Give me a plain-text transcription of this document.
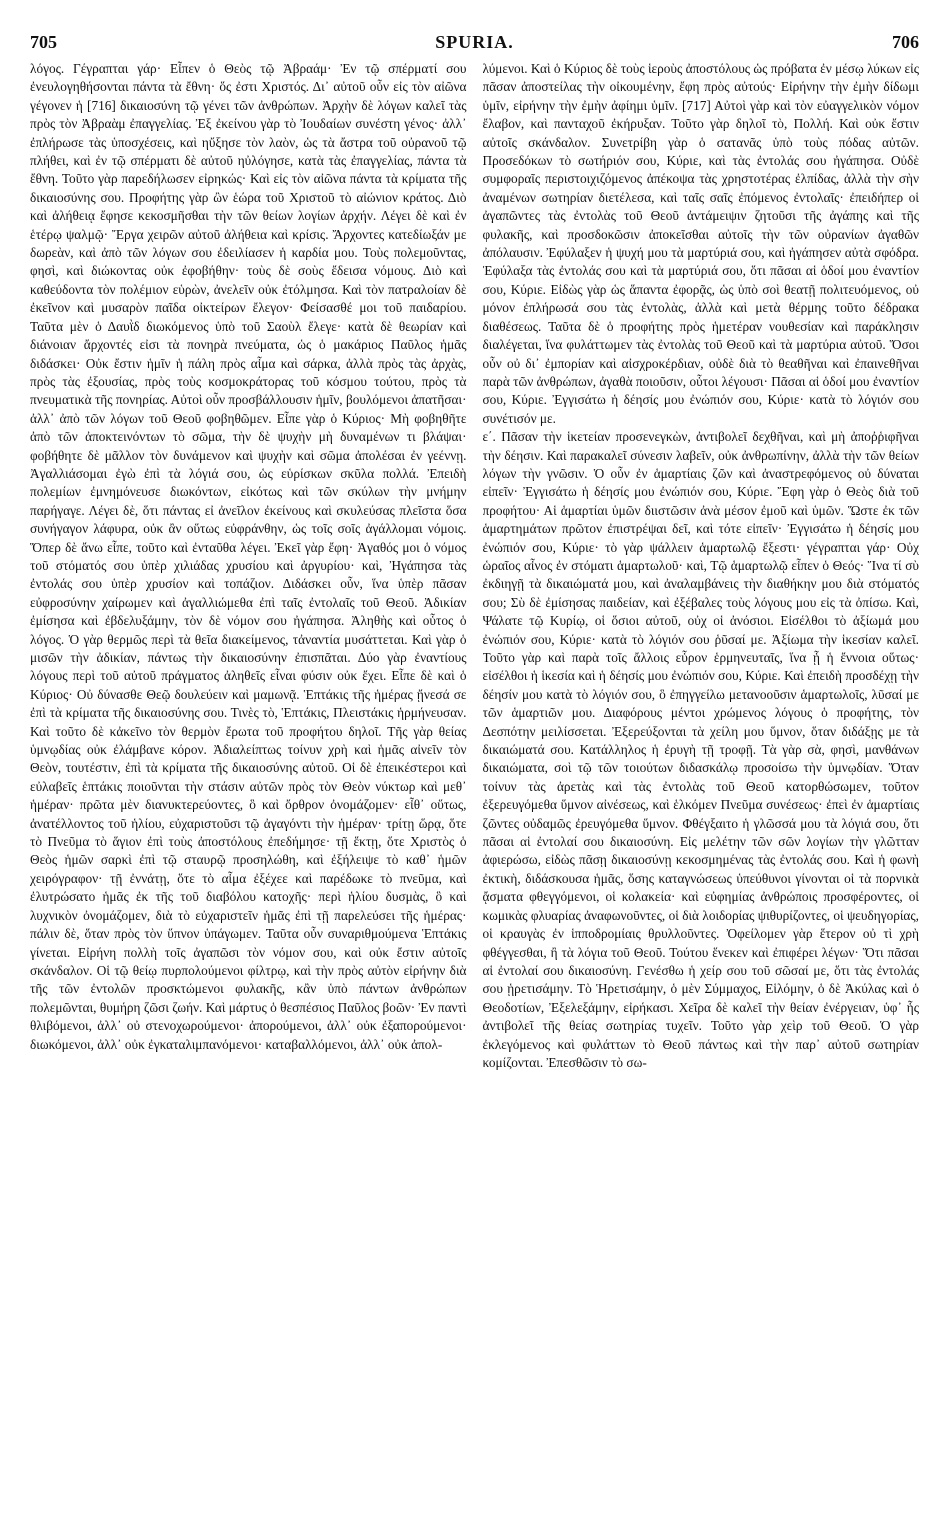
705	SPURIA.	706

λόγος. Γέγραπται γάρ· Εἶπεν ὁ Θεὸς τῷ Ἀβραάμ· Ἐν τῷ σπέρματί σου ἐνευλογηθήσονται πάντα τὰ ἔθνη· ὅς ἐστι Χριστός. Δι᾽ αὐτοῦ οὖν εἰς τὸν αἰῶνα γέγονεν ἡ [716] δικαιοσύνη τῷ γένει τῶν ἀνθρώπων. Ἀρχὴν δὲ λόγων καλεῖ τὰς πρὸς τὸν Ἀβραὰμ ἐπαγγελίας. Ἐξ ἐκείνου γὰρ τὸ Ἰουδαίων συνέστη γένος· ἀλλ᾽ ἐπλήρωσε τὰς ὑποσχέσεις, καὶ ηὔξησε τὸν λαὸν, ὡς τὰ ἄστρα τοῦ οὐρανοῦ τῷ πλήθει, καὶ ἐν τῷ σπέρματι δὲ αὐτοῦ ηὐλόγησε, κατὰ τὰς ἐπαγγελίας, πάντα τὰ ἔθνη. Τοῦτο γὰρ παρεδήλωσεν εἰρηκώς· Καὶ εἰς τὸν αἰῶνα πάντα τὰ κρίματα τῆς δικαιοσύνης σου. Προφήτης γὰρ ὢν ἑώρα τοῦ Χριστοῦ τὸ αἰώνιον κράτος. Διὸ καὶ ἀλήθειᾳ ἔφησε κεκοσμῆσθαι τὴν τῶν θείων λογίων ἀρχήν. Λέγει δὲ καὶ ἐν ἑτέρῳ ψαλμῷ· Ἔργα χειρῶν αὐτοῦ ἀλήθεια καὶ κρίσις. Ἄρχοντες κατεδίωξάν με δωρεὰν, καὶ ἀπὸ τῶν λόγων σου ἐδειλίασεν ἡ καρδία μου. Τοὺς πολεμοῦντας, φησὶ, καὶ διώκοντας οὐκ ἐφοβήθην· τοὺς δὲ σοὺς ἔδεισα νόμους. Διὸ καὶ καθεύδοντα τὸν πολέμιον εὑρὼν, ἀνελεῖν οὐκ ἐτόλμησα. Καὶ τὸν πατραλοίαν δὲ ἐκεῖνον καὶ μυσαρὸν παῖδα οἰκτείρων ἔλεγον· Φείσασθέ μοι τοῦ παιδαρίου. Ταῦτα μὲν ὁ Δαυῒδ διωκόμενος ὑπὸ τοῦ Σαοὺλ ἔλεγε· κατὰ δὲ θεωρίαν καὶ διάνοιαν ἄρχοντές εἰσι τὰ πονηρὰ πνεύματα, ὡς ὁ μακάριος Παῦλος ἡμᾶς διδάσκει· Οὐκ ἔστιν ἡμῖν ἡ πάλη πρὸς αἷμα καὶ σάρκα, ἀλλὰ πρὸς τὰς ἀρχὰς, πρὸς τὰς ἐξουσίας, πρὸς τοὺς κοσμοκράτορας τοῦ κόσμου τούτου, πρὸς τὰ πνευματικὰ τῆς πονηρίας. Αὐτοὶ οὖν προσβάλλουσιν ἡμῖν, βουλόμενοι ἀπατῆσαι· ἀλλ᾽ ἀπὸ τῶν λόγων τοῦ Θεοῦ φοβηθῶμεν. Εἶπε γὰρ ὁ Κύριος· Μὴ φοβηθῆτε ἀπὸ τῶν ἀποκτεινόντων τὸ σῶμα, τὴν δὲ ψυχὴν μὴ δυναμένων τι βλάψαι· φοβήθητε δὲ μᾶλλον τὸν δυνάμενον καὶ ψυχὴν καὶ σῶμα ἀπολέσαι ἐν γεέννῃ. Ἀγαλλιάσομαι ἐγὼ ἐπὶ τὰ λόγιά σου, ὡς εὑρίσκων σκῦλα πολλά. Ἐπειδὴ πολεμίων ἐμνημόνευσε διωκόντων, εἰκότως καὶ τῶν σκύλων τὴν μνήμην παρήγαγε. Λέγει δὲ, ὅτι πάντας εἰ ἀνεῖλον ἐκείνους καὶ σκυλεύσας πλεῖστα ὅσα συνήγαγον λάφυρα, οὐκ ἂν οὕτως εὐφράνθην, ὡς τοῖς σοῖς ἀγάλλομαι νόμοις. Ὅπερ δὲ ἄνω εἶπε, τοῦτο καὶ ἐνταῦθα λέγει. Ἐκεῖ γὰρ ἔφη· Ἀγαθός μοι ὁ νόμος τοῦ στόματός σου ὑπὲρ χιλιάδας χρυσίου καὶ ἀργυρίου· καὶ, Ἠγάπησα τὰς ἐντολάς σου ὑπὲρ χρυσίον καὶ τοπάζιον. Διδάσκει οὖν, ἵνα ὑπὲρ πᾶσαν εὐφροσύνην χαίρωμεν καὶ ἀγαλλιώμεθα ἐπὶ ταῖς ἐντολαῖς τοῦ Θεοῦ. Ἀδικίαν ἐμίσησα καὶ ἐβδελυξάμην, τὸν δὲ νόμον σου ἠγάπησα. Ἀληθὴς καὶ οὗτος ὁ λόγος. Ὁ γὰρ θερμῶς περὶ τὰ θεῖα διακείμενος, τἀναντία μυσάττεται. Καὶ γὰρ ὁ μισῶν τὴν ἀδικίαν, πάντως τὴν δικαιοσύνην ἐπισπᾶται. Δύο γὰρ ἐναντίους λόγους περὶ τοῦ αὐτοῦ πράγματος ἀληθεῖς εἶναι φύσιν οὐκ ἔχει. Εἶπε δὲ καὶ ὁ Κύριος· Οὐ δύνασθε Θεῷ δουλεύειν καὶ μαμωνᾷ. Ἑπτάκις τῆς ἡμέρας ᾔνεσά σε ἐπὶ τὰ κρίματα τῆς δικαιοσύνης σου. Τινὲς τὸ, Ἑπτάκις, Πλειστάκις ἡρμήνευσαν. Καὶ τοῦτο δὲ κἀκεῖνο τὸν θερμὸν ἔρωτα τοῦ προφήτου δηλοῖ. Τῆς γὰρ θείας ὑμνῳδίας οὐκ ἐλάμβανε κόρον. Ἀδιαλείπτως τοίνυν χρὴ καὶ ἡμᾶς αἰνεῖν τὸν Θεὸν, τουτέστιν, ἐπὶ τὰ κρίματα τῆς δικαιοσύνης αὐτοῦ. Οἱ δὲ ἐπεικέστεροι καὶ εὐλαβεῖς ἑπτάκις ποιοῦνται τὴν στάσιν αὐτῶν πρὸς τὸν Θεὸν νύκτωρ καὶ μεθ᾽ ἡμέραν· πρῶτα μὲν διανυκτερεύοντες, ὃ καὶ ὄρθρον ὀνομάζομεν· εἶθ᾽ οὕτως, ἀνατέλλοντος τοῦ ἡλίου, εὐχαριστοῦσι τῷ ἀγαγόντι τὴν ἡμέραν· τρίτῃ ὥρᾳ, ὅτε τὸ Πνεῦμα τὸ ἅγιον ἐπὶ τοὺς ἀποστόλους ἐπεδήμησε· τῇ ἕκτῃ, ὅτε Χριστὸς ὁ Θεὸς ἡμῶν σαρκὶ ἐπὶ τῷ σταυρῷ προσηλώθη, καὶ ἐξήλειψε τὸ καθ᾽ ἡμῶν χειρόγραφον· τῇ ἐννάτῃ, ὅτε τὸ αἷμα ἐξέχεε καὶ παρέδωκε τὸ πνεῦμα, καὶ ἐλυτρώσατο ἡμᾶς ἐκ τῆς τοῦ διαβόλου κατοχῆς· περὶ ἡλίου δυσμὰς, ὃ καὶ λυχνικὸν ὀνομάζομεν, διὰ τὸ εὐχαριστεῖν ἡμᾶς ἐπὶ τῇ παρελεύσει τῆς ἡμέρας· πάλιν δὲ, ὅταν πρὸς τὸν ὕπνον ὑπάγωμεν. Ταῦτα οὖν συναριθμούμενα Ἑπτάκις γίνεται. Εἰρήνη πολλὴ τοῖς ἀγαπῶσι τὸν νόμον σου, καὶ οὐκ ἔστιν αὐτοῖς σκάνδαλον. Οἱ τῷ θείῳ πυρπολούμενοι φίλτρῳ, καὶ τὴν πρὸς αὐτὸν εἰρήνην διὰ τῆς τῶν ἐντολῶν προσκτώμενοι φυλακῆς, κἂν ὑπὸ πάντων ἀνθρώπων πολεμῶνται, θυμήρη ζῶσι ζωήν. Καὶ μάρτυς ὁ θεσπέσιος Παῦλος βοῶν· Ἐν παντὶ θλιβόμενοι, ἀλλ᾽ οὐ στενοχωρούμενοι· ἀπορούμενοι, ἀλλ᾽ οὐκ ἐξαπορούμενοι· διωκόμενοι, ἀλλ᾽ οὐκ ἐγκαταλιμπανόμενοι· καταβαλλόμενοι, ἀλλ᾽ οὐκ ἀπολ-

λύμενοι. Καὶ ὁ Κύριος δὲ τοὺς ἱεροὺς ἀποστόλους ὡς πρόβατα ἐν μέσῳ λύκων εἰς πᾶσαν ἀποστείλας τὴν οἰκουμένην, ἔφη πρὸς αὐτούς· Εἰρήνην τὴν ἐμὴν δίδωμι ὑμῖν, εἰρήνην τὴν ἐμὴν ἀφίημι ὑμῖν. [717] Αὐτοὶ γὰρ καὶ τὸν εὐαγγελικὸν νόμον ἔλαβον, καὶ πανταχοῦ ἐκήρυξαν. Τοῦτο γὰρ δηλοῖ τὸ, Πολλή. Καὶ οὐκ ἔστιν αὐτοῖς σκάνδαλον. Συνετρίβη γὰρ ὁ σατανᾶς ὑπὸ τοὺς πόδας αὐτῶν. Προσεδόκων τὸ σωτήριόν σου, Κύριε, καὶ τὰς ἐντολάς σου ἠγάπησα. Οὐδὲ συμφοραῖς περιστοιχιζόμενος ἀπέκοψα τὰς χρηστοτέρας ἐλπίδας, ἀλλὰ τὴν σὴν ἀναμένων σωτηρίαν διετέλεσα, καὶ ταῖς σαῖς ἐπόμενος ἐντολαῖς· ἐπειδήπερ οἱ ἀγαπῶντες τὰς ἐντολὰς τοῦ Θεοῦ ἀντάμειψιν ζητοῦσι τῆς ἀγάπης καὶ τῆς φυλακῆς, καὶ προσδοκῶσιν ἀποκεῖσθαι αὐτοῖς τὴν τῶν οὐρανίων ἀγαθῶν ἀπόλαυσιν. Ἐφύλαξεν ἡ ψυχή μου τὰ μαρτύριά σου, καὶ ἠγάπησεν αὐτὰ σφόδρα. Ἐφύλαξα τὰς ἐντολάς σου καὶ τὰ μαρτύριά σου, ὅτι πᾶσαι αἱ ὁδοί μου ἐναντίον σου, Κύριε. Εἰδὼς γὰρ ὡς ἅπαντα ἐφορᾷς, ὡς ὑπὸ σοὶ θεατῇ πολιτευόμενος, οὐ μόνον ἐπλήρωσά σου τὰς ἐντολὰς, ἀλλὰ καὶ μετὰ θέρμης τοῦτο δέδρακα διαθέσεως. Ταῦτα δὲ ὁ προφήτης πρὸς ἡμετέραν νουθεσίαν καὶ παράκλησιν διαλέγεται, ἵνα φυλάττωμεν τὰς ἐντολὰς τοῦ Θεοῦ καὶ τὰ μαρτύρια αὐτοῦ. Ὅσοι οὖν οὐ δι᾽ ἐμπορίαν καὶ αἰσχροκέρδιαν, οὐδὲ διὰ τὸ θεαθῆναι καὶ ἐπαινεθῆναι παρὰ τῶν ἀνθρώπων, ἀγαθὰ ποιοῦσιν, οὗτοι λέγουσι· Πᾶσαι αἱ ὁδοί μου ἐναντίον σου, Κύριε. Ἐγγισάτω ἡ δέησίς μου ἐνώπιόν σου, Κύριε· κατὰ τὸ λόγιόν σου συνέτισόν με.

ε΄. Πᾶσαν τὴν ἱκετείαν προσενεγκὼν, ἀντιβολεῖ δεχθῆναι, καὶ μὴ ἀποῤῥιφῆναι τὴν δέησιν. Καὶ παρακαλεῖ σύνεσιν λαβεῖν, οὐκ ἀνθρωπίνην, ἀλλὰ τὴν τῶν θείων λόγων τὴν γνῶσιν. Ὁ οὖν ἐν ἁμαρτίαις ζῶν καὶ ἀναστρεφόμενος οὐ δύναται εἰπεῖν· Ἐγγισάτω ἡ δέησίς μου ἐνώπιόν σου, Κύριε. Ἔφη γὰρ ὁ Θεὸς διὰ τοῦ προφήτου· Αἱ ἁμαρτίαι ὑμῶν διιστῶσιν ἀνὰ μέσον ἐμοῦ καὶ ὑμῶν. Ὥστε ἐκ τῶν ἁμαρτημάτων πρῶτον ἐπιστρέψαι δεῖ, καὶ τότε εἰπεῖν· Ἐγγισάτω ἡ δέησίς μου ἐνώπιόν σου, Κύριε· τὸ γὰρ ψάλλειν ἁμαρτωλῷ ἔξεστι· γέγραπται γάρ· Οὐχ ὡραῖος αἶνος ἐν στόματι ἁμαρτωλοῦ· καὶ, Τῷ ἁμαρτωλῷ εἶπεν ὁ Θεός· Ἵνα τί σὺ ἐκδιηγῇ τὰ δικαιώματά μου, καὶ ἀναλαμβάνεις τὴν διαθήκην μου διὰ στόματός σου; Σὺ δὲ ἐμίσησας παιδείαν, καὶ ἐξέβαλες τοὺς λόγους μου εἰς τὰ ὀπίσω. Καὶ, Ψάλατε τῷ Κυρίῳ, οἱ ὅσιοι αὐτοῦ, οὐχ οἱ ἀνόσιοι. Εἰσέλθοι τὸ ἀξίωμά μου ἐνώπιόν σου, Κύριε· κατὰ τὸ λόγιόν σου ῥῦσαί με. Ἀξίωμα τὴν ἱκεσίαν καλεῖ. Τοῦτο γὰρ καὶ παρὰ τοῖς ἄλλοις εὗρον ἑρμηνευταῖς, ἵνα ᾖ ἡ ἔννοια οὕτως· εἰσέλθοι ἡ ἱκεσία καὶ ἡ δέησίς μου ἐνώπιόν σου, Κύριε. Καὶ ἐπειδὴ προσδέχῃ τὴν δέησίν μου κατὰ τὸ λόγιόν σου, ὃ ἐπηγγείλω μετανοοῦσιν ἁμαρτωλοῖς, λῦσαί με τῶν ἁμαρτιῶν μου. Διαφόρους μέντοι χρώμενος λόγους ὁ προφήτης, τὸν Δεσπότην μειλίσσεται. Ἐξερεύξονται τὰ χείλη μου ὕμνον, ὅταν διδάξῃς με τὰ δικαιώματά σου. Κατάλληλος ἡ ἐρυγὴ τῇ τροφῇ. Τὰ γὰρ σὰ, φησὶ, μανθάνων δικαιώματα, σοὶ τῷ τῶν τοιούτων διδασκάλῳ προσοίσω τὴν ὑμνῳδίαν. Ὅταν τοίνυν τὰς ἀρετὰς καὶ τὰς ἐντολὰς τοῦ Θεοῦ κατορθώσωμεν, τοῦτον ἐξερευγόμεθα ὕμνον αἰνέσεως, καὶ ἑλκόμεν Πνεῦμα συνέσεως· ἐπεὶ ἐν ἁμαρτίαις ζῶντες οὐδαμῶς ἐρευγόμεθα ὕμνον. Φθέγξαιτο ἡ γλῶσσά μου τὰ λόγιά σου, ὅτι πᾶσαι αἱ ἐντολαί σου δικαιοσύνη. Εἰς μελέτην τῶν σῶν λογίων τὴν γλῶτταν ἀφιερώσω, εἰδὼς πᾶσῃ δικαιοσύνῃ κεκοσμημένας τὰς ἐντολάς σου. Καὶ ἡ φωνὴ ἐκτικὴ, διδάσκουσα ἡμᾶς, ὅσης καταγνώσεως ὑπεύθυνοι γίνονται οἱ τὰ πορνικὰ ᾄσματα φθεγγόμενοι, οἱ κολακεία· καὶ εὐφημίας ἀνθρώποις προσφέροντες, οἱ κωμικὰς φλυαρίας ἀναφωνοῦντες, οἱ διὰ λοιδορίας ψιθυρίζοντες, οἱ ψευδηγορίας, οἱ κραυγὰς ἐν ἱπποδρομίαις θρυλλοῦντες. Ὀφείλομεν γὰρ ἕτερον οὐ τὶ χρὴ φθέγγεσθαι, ἢ τὰ λόγια τοῦ Θεοῦ. Τούτου ἕνεκεν καὶ ἐπιφέρει λέγων· Ὅτι πᾶσαι αἱ ἐντολαί σου δικαιοσύνη. Γενέσθω ἡ χείρ σου τοῦ σῶσαί με, ὅτι τὰς ἐντολάς σου ᾑρετισάμην. Τὸ Ἡρετισάμην, ὁ μὲν Σύμμαχος, Εἱλόμην, ὁ δὲ Ἀκύλας καὶ ὁ Θεοδοτίων, Ἐξελεξάμην, εἰρήκασι. Χεῖρα δὲ καλεῖ τὴν θείαν ἐνέργειαν, ὑφ᾽ ἧς ἀντιβολεῖ τῆς θείας σωτηρίας τυχεῖν. Τοῦτο γὰρ χεὶρ τοῦ Θεοῦ. Ὁ γὰρ ἐκλεγόμενος καὶ φυλάττων τὸ Θεοῦ πάντως καὶ τὴν παρ᾽ αὐτοῦ σωτηρίαν κομίζονται. Ἐπεσθῶσιν τὸ σω-
